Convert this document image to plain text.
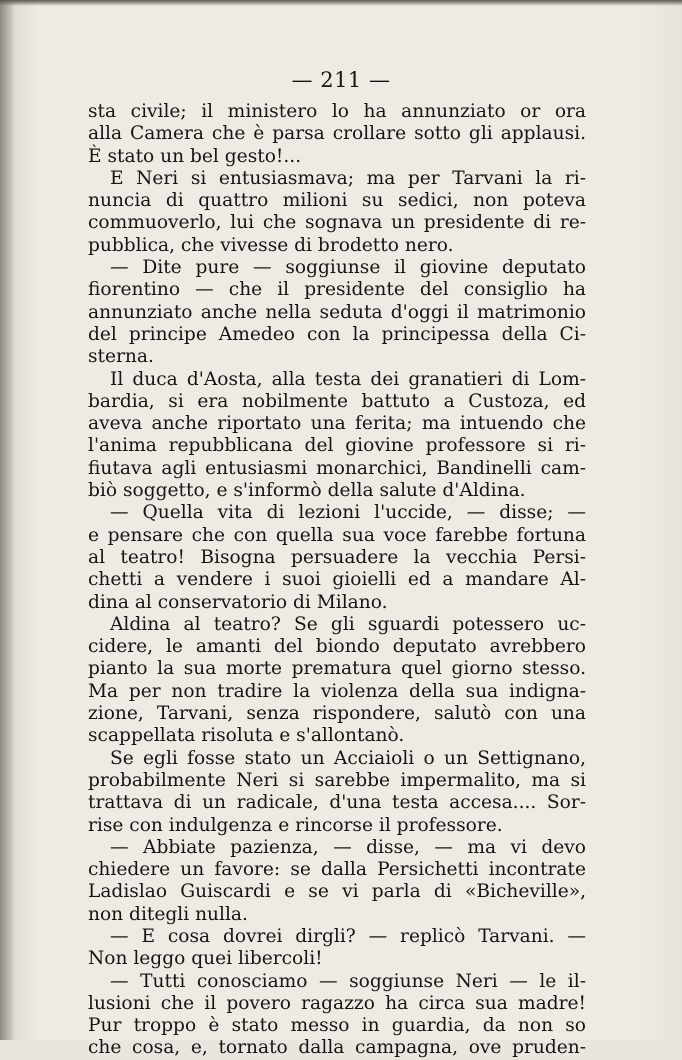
— 211 —
sta civile; il ministero lo ha annunziato or ora
alla Camera che è parsa crollare sotto gli applausi.
È stato un bel gesto!...
E Neri si entusiasmava; ma per Tarvani la ri-
nuncia di quattro milioni su sedici, non poteva
commuoverlo, lui che sognava un presidente di re-
pubblica, che vivesse di brodetto nero.
— Dite pure — soggiunse il giovine deputato
fiorentino — che il presidente del consiglio ha
annunziato anche nella seduta d'oggi il matrimonio
del principe Amedeo con la principessa della Ci-
sterna.
Il duca d'Aosta, alla testa dei granatieri di Lom-
bardia, si era nobilmente battuto a Custoza, ed
aveva anche riportato una ferita; ma intuendo che
l'anima repubblicana del giovine professore si ri-
fiutava agli entusiasmi monarchici, Bandinelli cam-
biò soggetto, e s'informò della salute d'Aldina.
— Quella vita di lezioni l'uccide, — disse; —
e pensare che con quella sua voce farebbe fortuna
al teatro! Bisogna persuadere la vecchia Persi-
chetti a vendere i suoi gioielli ed a mandare Al-
dina al conservatorio di Milano.
Aldina al teatro? Se gli sguardi potessero uc-
cidere, le amanti del biondo deputato avrebbero
pianto la sua morte prematura quel giorno stesso.
Ma per non tradire la violenza della sua indigna-
zione, Tarvani, senza rispondere, salutò con una
scappellata risoluta e s'allontanò.
Se egli fosse stato un Acciaioli o un Settignano,
probabilmente Neri si sarebbe impermalito, ma si
trattava di un radicale, d'una testa accesa.... Sor-
rise con indulgenza e rincorse il professore.
— Abbiate pazienza, — disse, — ma vi devo
chiedere un favore: se dalla Persichetti incontrate
Ladislao Guiscardi e se vi parla di «Bicheville»,
non ditegli nulla.
— E cosa dovrei dirgli? — replicò Tarvani. —
Non leggo quei libercoli!
— Tutti conosciamo — soggiunse Neri — le il-
lusioni che il povero ragazzo ha circa sua madre!
Pur troppo è stato messo in guardia, da non so
che cosa, e, tornato dalla campagna, ove pruden-
